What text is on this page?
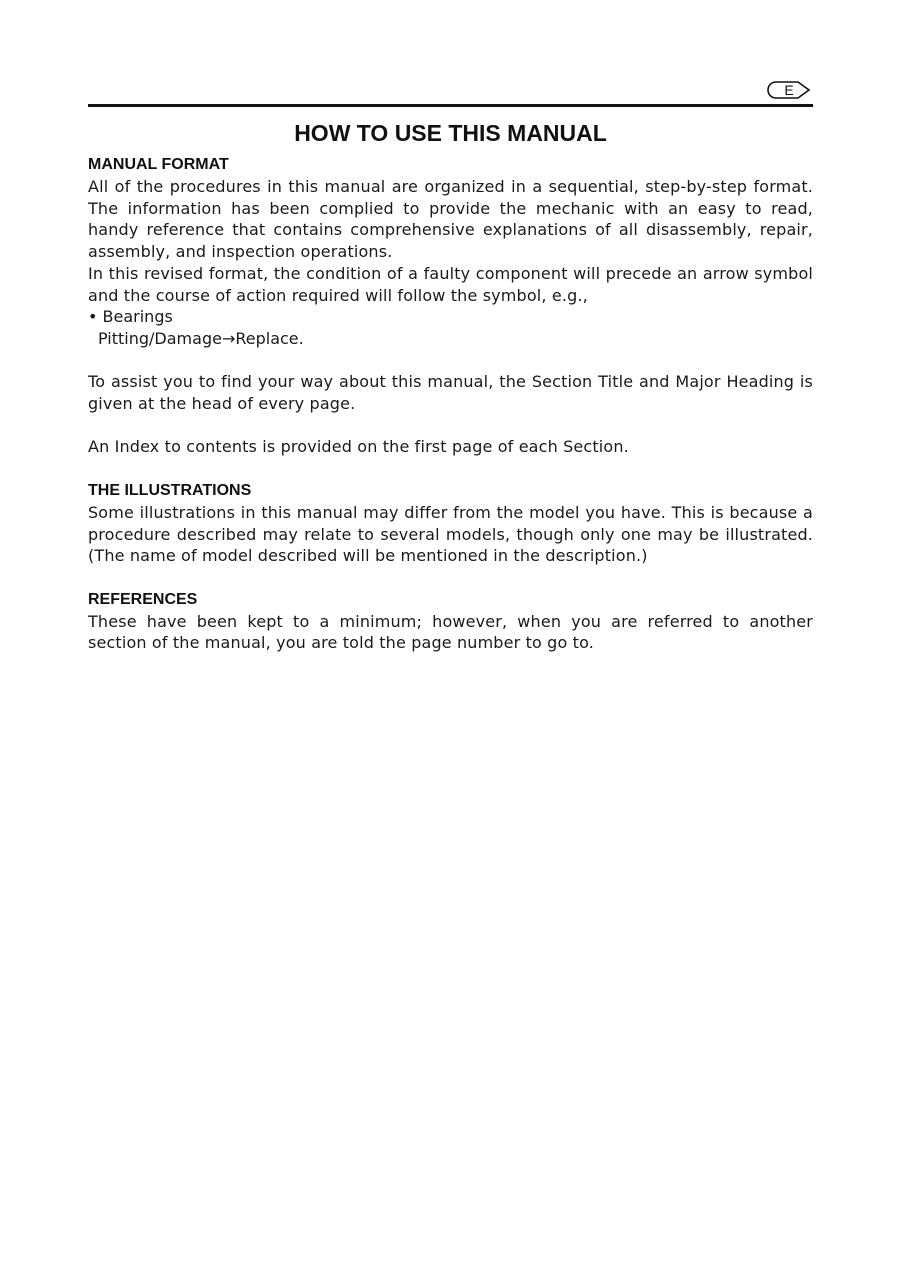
E
HOW TO USE THIS MANUAL
MANUAL FORMAT

All of the procedures in this manual are organized in a sequential, step-by-step format. The information has been complied to provide the mechanic with an easy to read, handy reference that contains comprehensive explanations of all disassembly, repair, assembly, and inspection operations.

In this revised format, the condition of a faulty component will precede an arrow symbol and the course of action required will follow the symbol, e.g.,

• Bearings

Pitting/Damage→Replace.

To assist you to find your way about this manual, the Section Title and Major Heading is given at the head of every page.

An Index to contents is provided on the first page of each Section.

THE ILLUSTRATIONS

Some illustrations in this manual may differ from the model you have. This is because a procedure described may relate to several models, though only one may be illustrated. (The name of model described will be mentioned in the description.)

REFERENCES

These have been kept to a minimum; however, when you are referred to another section of the manual, you are told the page number to go to.
